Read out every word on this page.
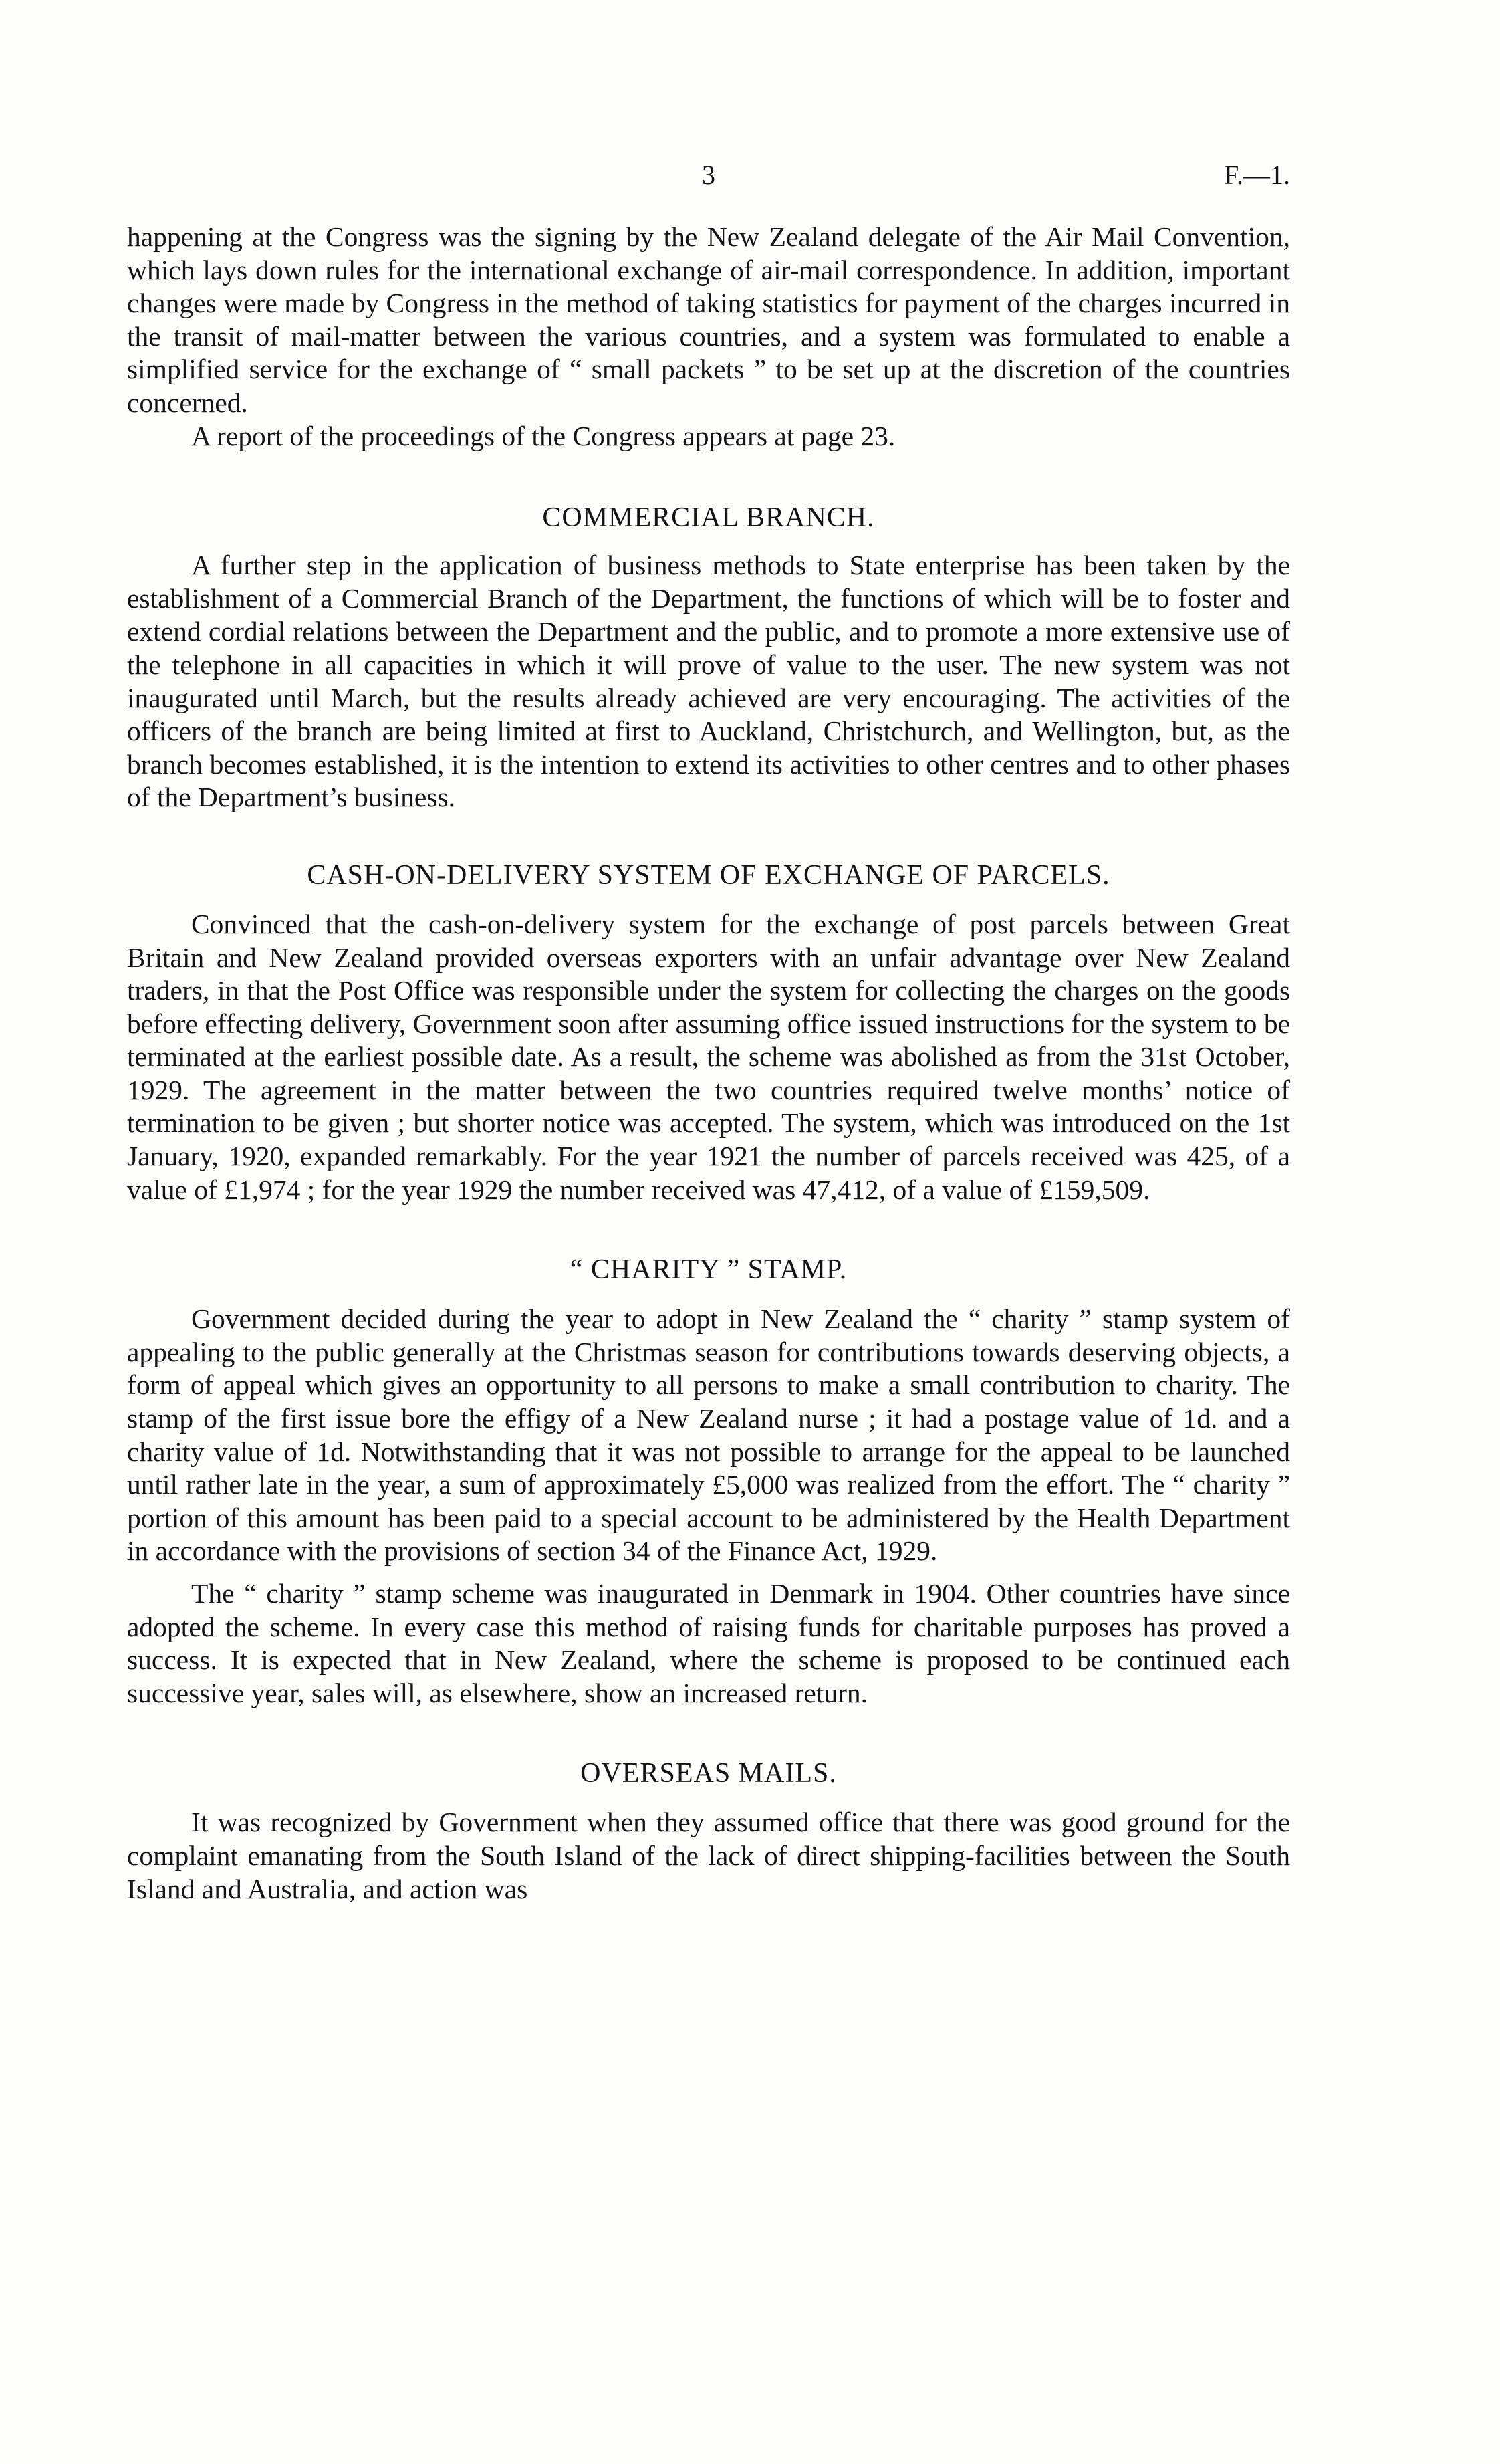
3	F.—1.

happening at the Congress was the signing by the New Zealand delegate of the Air Mail Convention, which lays down rules for the international exchange of air-mail correspondence. In addition, important changes were made by Congress in the method of taking statistics for payment of the charges incurred in the transit of mail-matter between the various countries, and a system was formulated to enable a simplified service for the exchange of “ small packets ” to be set up at the discretion of the countries concerned.

A report of the proceedings of the Congress appears at page 23.

COMMERCIAL BRANCH.

A further step in the application of business methods to State enterprise has been taken by the establishment of a Commercial Branch of the Department, the functions of which will be to foster and extend cordial relations between the Department and the public, and to promote a more extensive use of the telephone in all capacities in which it will prove of value to the user. The new system was not inaugurated until March, but the results already achieved are very encouraging. The activities of the officers of the branch are being limited at first to Auckland, Christchurch, and Wellington, but, as the branch becomes established, it is the intention to extend its activities to other centres and to other phases of the Department’s business.

CASH-ON-DELIVERY SYSTEM OF EXCHANGE OF PARCELS.

Convinced that the cash-on-delivery system for the exchange of post parcels between Great Britain and New Zealand provided overseas exporters with an unfair advantage over New Zealand traders, in that the Post Office was responsible under the system for collecting the charges on the goods before effecting delivery, Government soon after assuming office issued instructions for the system to be terminated at the earliest possible date. As a result, the scheme was abolished as from the 31st October, 1929. The agreement in the matter between the two countries required twelve months’ notice of termination to be given ; but shorter notice was accepted. The system, which was introduced on the 1st January, 1920, expanded remarkably. For the year 1921 the number of parcels received was 425, of a value of £1,974 ; for the year 1929 the number received was 47,412, of a value of £159,509.

“ CHARITY ” STAMP.

Government decided during the year to adopt in New Zealand the “ charity ” stamp system of appealing to the public generally at the Christmas season for contributions towards deserving objects, a form of appeal which gives an opportunity to all persons to make a small contribution to charity. The stamp of the first issue bore the effigy of a New Zealand nurse ; it had a postage value of 1d. and a charity value of 1d. Notwithstanding that it was not possible to arrange for the appeal to be launched until rather late in the year, a sum of approximately £5,000 was realized from the effort. The “ charity ” portion of this amount has been paid to a special account to be administered by the Health Department in accordance with the provisions of section 34 of the Finance Act, 1929.

The “ charity ” stamp scheme was inaugurated in Denmark in 1904. Other countries have since adopted the scheme. In every case this method of raising funds for charitable purposes has proved a success. It is expected that in New Zealand, where the scheme is proposed to be continued each successive year, sales will, as elsewhere, show an increased return.

OVERSEAS MAILS.

It was recognized by Government when they assumed office that there was good ground for the complaint emanating from the South Island of the lack of direct shipping-facilities between the South Island and Australia, and action was
